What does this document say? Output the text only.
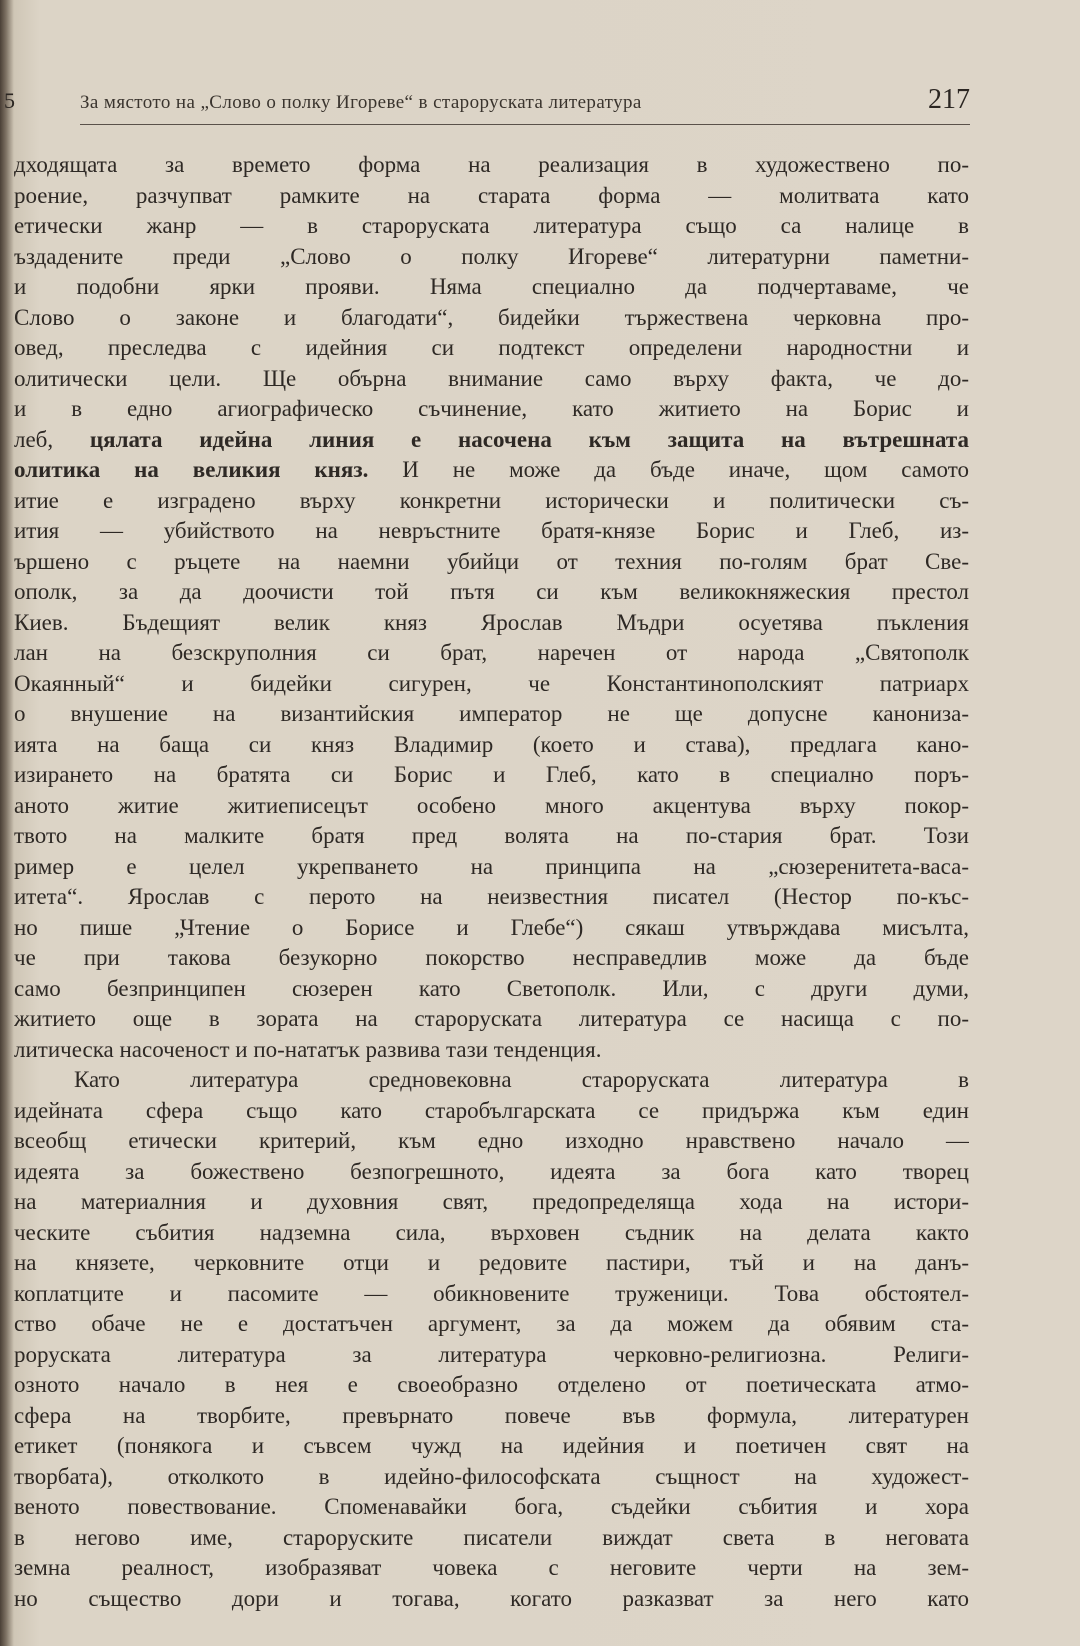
5	За мястото на „Слово о полку Игореве“ в староруската литература	217
дходящата за времето форма на реализация в художествено по-
роение, разчупват рамките на старата форма — молитвата като
етически жанр — в староруската литература също са налице в
ъздадените преди „Слово о полку Игореве“ литературни паметни-
и подобни ярки прояви. Няма специално да подчертаваме, че
Слово о законе и благодати“, бидейки тържествена черковна про-
овед, преследва с идейния си подтекст определени народностни и
олитически цели. Ще обърна внимание само върху факта, че до-
и в едно агиографическо съчинение, като житието на Борис и
леб, цялата идейна линия е насочена към защита на вътрешната
олитика на великия княз. И не може да бъде иначе, щом самото
итие е изградено върху конкретни исторически и политически съ-
ития — убийството на невръстните братя-князе Борис и Глеб, из-
ършено с ръцете на наемни убийци от техния по-голям брат Све-
ополк, за да доочисти той пътя си към великокняжеския престол
Киев. Бъдещият велик княз Ярослав Мъдри осуетява пъкления
лан на безскруполния си брат, наречен от народа „Святополк
Окаянный“ и бидейки сигурен, че Константинополският патриарх
о внушение на византийския император не ще допусне канониза-
ията на баща си княз Владимир (което и става), предлага кано-
изирането на братята си Борис и Глеб, като в специално поръ-
аното житие житиеписецът особено много акцентува върху покор-
твото на малките братя пред волята на по-стария брат. Този
ример е целел укрепването на принципа на „сюзеренитета-васа-
итета“. Ярослав с перото на неизвестния писател (Нестор по-къс-
но пише „Чтение о Борисе и Глебе“) сякаш утвърждава мисълта,
че при такова безукорно покорство несправедлив може да бъде
само безпринципен сюзерен като Светополк. Или, с други думи,
житието още в зората на староруската литература се насища с по-
литическа насоченост и по-нататък развива тази тенденция.
Като литература средновековна староруската литература в
идейната сфера също като старобългарската се придържа към един
всеобщ етически критерий, към едно изходно нравствено начало —
идеята за божествено безпогрешното, идеята за бога като творец
на материалния и духовния свят, предопределяща хода на истори-
ческите събития надземна сила, върховен съдник на делата както
на князете, черковните отци и редовите пастири, тъй и на данъ-
коплатците и пасомите — обикновените труженици. Това обстоятел-
ство обаче не е достатъчен аргумент, за да можем да обявим ста-
роруската литература за литература черковно-религиозна. Религи-
озното начало в нея е своеобразно отделено от поетическата атмо-
сфера на творбите, превърнато повече във формула, литературен
етикет (понякога и съвсем чужд на идейния и поетичен свят на
творбата), отколкото в идейно-философската същност на художест-
веното повествование. Споменавайки бога, съдейки събития и хора
в негово име, староруските писатели виждат света в неговата
земна реалност, изобразяват човека с неговите черти на зем-
но същество дори и тогава, когато разказват за него като
